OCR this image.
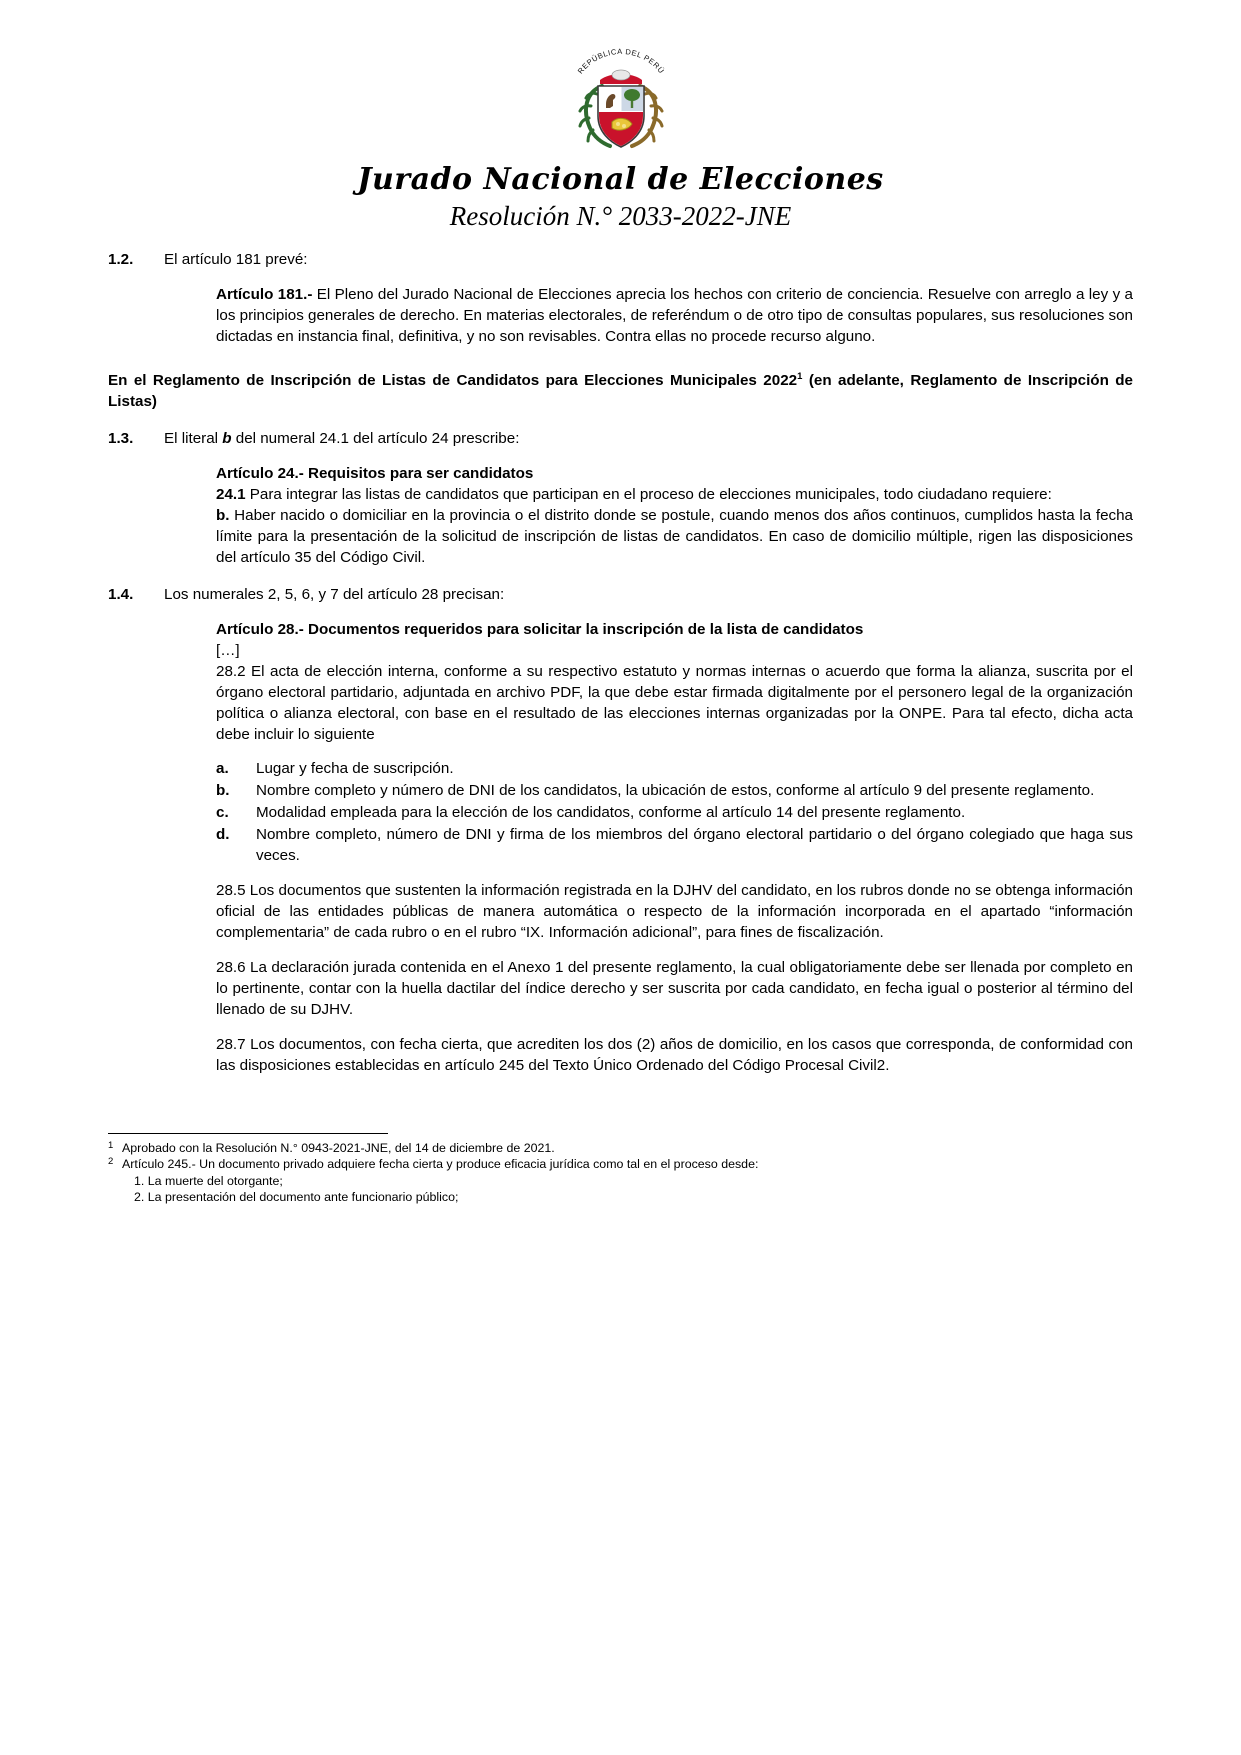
REPÚBLICA DEL PERÚ
Jurado Nacional de Elecciones
Resolución N.° 2033-2022-JNE
1.2.	El artículo 181 prevé:

Artículo 181.- El Pleno del Jurado Nacional de Elecciones aprecia los hechos con criterio de conciencia. Resuelve con arreglo a ley y a los principios generales de derecho. En materias electorales, de referéndum o de otro tipo de consultas populares, sus resoluciones son dictadas en instancia final, definitiva, y no son revisables. Contra ellas no procede recurso alguno.

En el Reglamento de Inscripción de Listas de Candidatos para Elecciones Municipales 2022$^1$ (en adelante, Reglamento de Inscripción de Listas)
1.3.	El literal b del numeral 24.1 del artículo 24 prescribe:

Artículo 24.- Requisitos para ser candidatos

24.1 Para integrar las listas de candidatos que participan en el proceso de elecciones municipales, todo ciudadano requiere:

b. Haber nacido o domiciliar en la provincia o el distrito donde se postule, cuando menos dos años continuos, cumplidos hasta la fecha límite para la presentación de la solicitud de inscripción de listas de candidatos. En caso de domicilio múltiple, rigen las disposiciones del artículo 35 del Código Civil.

1.4.	Los numerales 2, 5, 6, y 7 del artículo 28 precisan:

Artículo 28.- Documentos requeridos para solicitar la inscripción de la lista de candidatos

[…]

28.2 El acta de elección interna, conforme a su respectivo estatuto y normas internas o acuerdo que forma la alianza, suscrita por el órgano electoral partidario, adjuntada en archivo PDF, la que debe estar firmada digitalmente por el personero legal de la organización política o alianza electoral, con base en el resultado de las elecciones internas organizadas por la ONPE. Para tal efecto, dicha acta debe incluir lo siguiente

a.	Lugar y fecha de suscripción.
b.	Nombre completo y número de DNI de los candidatos, la ubicación de estos, conforme al artículo 9 del presente reglamento.
c.	Modalidad empleada para la elección de los candidatos, conforme al artículo 14 del presente reglamento.
d.	Nombre completo, número de DNI y firma de los miembros del órgano electoral partidario o del órgano colegiado que haga sus veces.

28.5 Los documentos que sustenten la información registrada en la DJHV del candidato, en los rubros donde no se obtenga información oficial de las entidades públicas de manera automática o respecto de la información incorporada en el apartado “información complementaria” de cada rubro o en el rubro “IX. Información adicional”, para fines de fiscalización.

28.6 La declaración jurada contenida en el Anexo 1 del presente reglamento, la cual obligatoriamente debe ser llenada por completo en lo pertinente, contar con la huella dactilar del índice derecho y ser suscrita por cada candidato, en fecha igual o posterior al término del llenado de su DJHV.

28.7 Los documentos, con fecha cierta, que acrediten los dos (2) años de domicilio, en los casos que corresponda, de conformidad con las disposiciones establecidas en artículo 245 del Texto Único Ordenado del Código Procesal Civil2.

1 Aprobado con la Resolución N.° 0943-2021-JNE, del 14 de diciembre de 2021.
2 Artículo 245.- Un documento privado adquiere fecha cierta y produce eficacia jurídica como tal en el proceso desde:
1. La muerte del otorgante;
2. La presentación del documento ante funcionario público;
